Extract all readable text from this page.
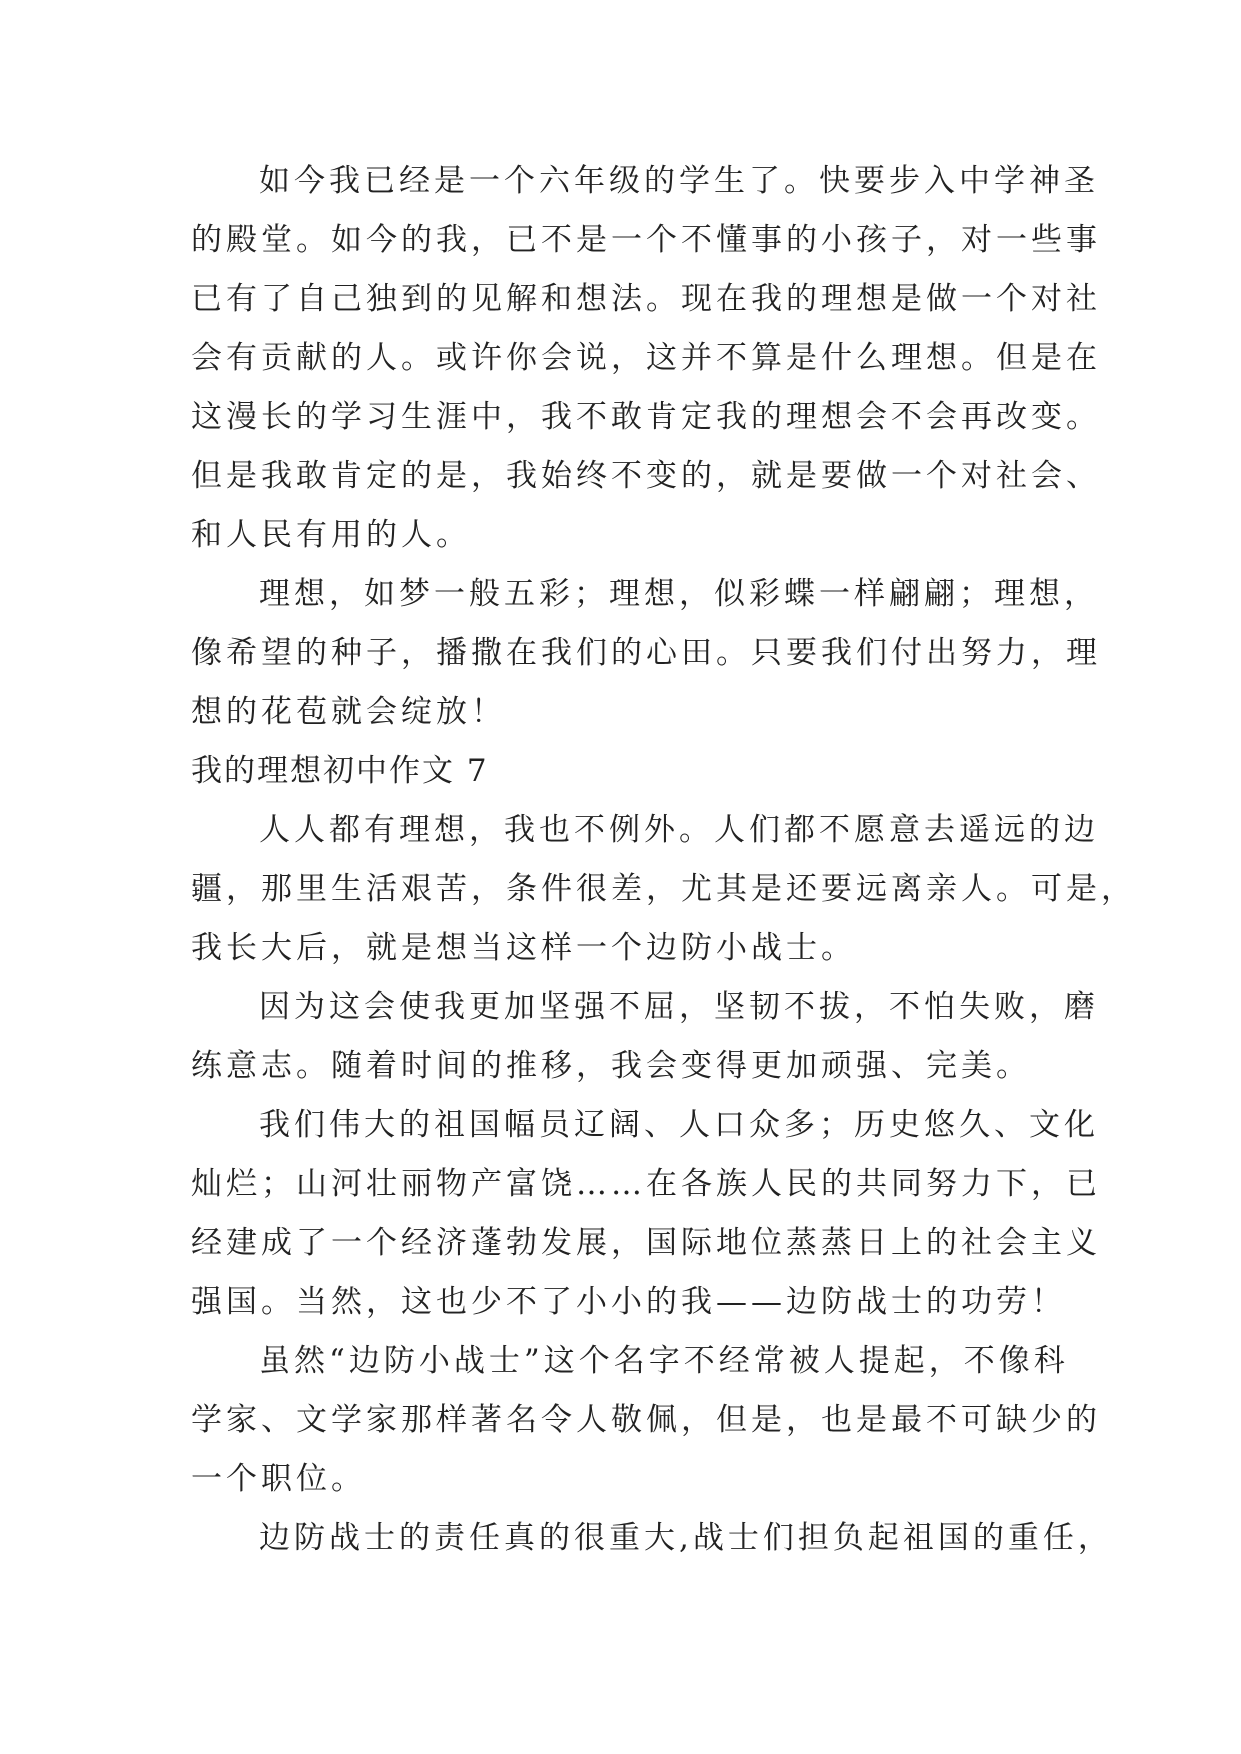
如今我已经是一个六年级的学生了。快要步入中学神圣
的殿堂。如今的我，已不是一个不懂事的小孩子，对一些事
已有了自己独到的见解和想法。现在我的理想是做一个对社
会有贡献的人。或许你会说，这并不算是什么理想。但是在
这漫长的学习生涯中，我不敢肯定我的理想会不会再改变。
但是我敢肯定的是，我始终不变的，就是要做一个对社会、
和人民有用的人。
理想，如梦一般五彩；理想，似彩蝶一样翩翩；理想，
像希望的种子，播撒在我们的心田。只要我们付出努力，理
想的花苞就会绽放！
我的理想初中作文 7
人人都有理想，我也不例外。人们都不愿意去遥远的边
疆，那里生活艰苦，条件很差，尤其是还要远离亲人。可是，
我长大后，就是想当这样一个边防小战士。
因为这会使我更加坚强不屈，坚韧不拔，不怕失败，磨
练意志。随着时间的推移，我会变得更加顽强、完美。
我们伟大的祖国幅员辽阔、人口众多；历史悠久、文化
灿烂；山河壮丽物产富饶……在各族人民的共同努力下，已
经建成了一个经济蓬勃发展，国际地位蒸蒸日上的社会主义
强国。当然，这也少不了小小的我——边防战士的功劳！
虽然“边防小战士”这个名字不经常被人提起，不像科
学家、文学家那样著名令人敬佩，但是，也是最不可缺少的
一个职位。
边防战士的责任真的很重大,战士们担负起祖国的重任，
